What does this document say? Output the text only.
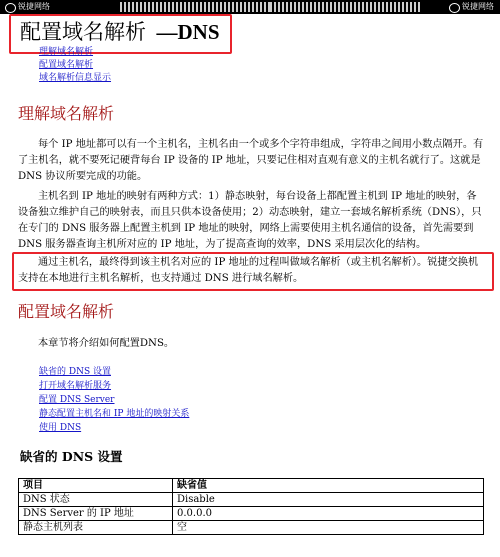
锐捷网络	锐捷网络
配置域名解析 —DNS
理解域名解析
配置域名解析
域名解析信息显示
理解域名解析

每个 IP 地址都可以有一个主机名，主机名由一个或多个字符串组成，字符串之间用小数点隔开。有了主机名，就不要死记硬背每台 IP 设备的 IP 地址，只要记住相对直观有意义的主机名就行了。这就是 DNS 协议所要完成的功能。

主机名到 IP 地址的映射有两种方式：1）静态映射，每台设备上都配置主机到 IP 地址的映射，各设备独立维护自己的映射表，而且只供本设备使用；2）动态映射，建立一套域名解析系统（DNS），只在专门的 DNS 服务器上配置主机到 IP 地址的映射，网络上需要使用主机名通信的设备，首先需要到 DNS 服务器查询主机所对应的 IP 地址，为了提高查询的效率，DNS 采用层次化的结构。

通过主机名，最终得到该主机名对应的 IP 地址的过程叫做域名解析（或主机名解析）。锐捷交换机支持在本地进行主机名解析，也支持通过 DNS 进行域名解析。

配置域名解析

本章节将介绍如何配置DNS。

缺省的 DNS 设置
打开域名解析服务
配置 DNS Server
静态配置主机名和 IP 地址的映射关系
使用 DNS
缺省的 DNS 设置
项目	缺省值
DNS 状态	Disable
DNS Server 的 IP 地址	0.0.0.0
静态主机列表	空
